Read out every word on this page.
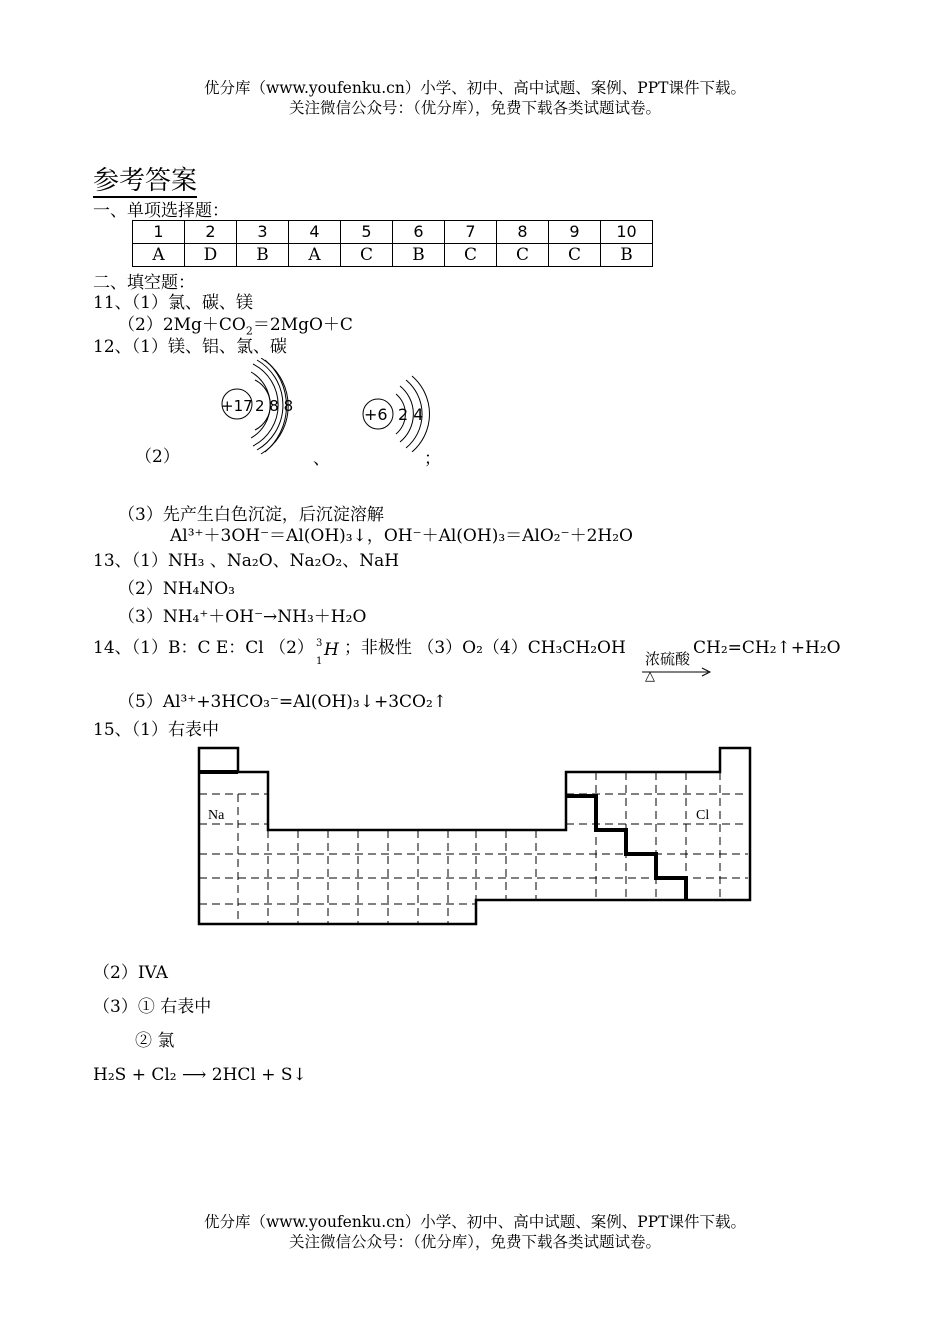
优分库（www.youfenku.cn）小学、初中、高中试题、案例、PPT课件下载。
关注微信公众号：（优分库），免费下载各类试题试卷。
参考答案
一、单项选择题：
1	2	3	4	5	6	7	8	9	10
A	D	B	A	C	B	C	C	C	B
二、填空题：
11、（1）氯、碳、镁
$(2)2Mg+CO_2=2MgO+C$
12、（1）镁、铝、氯、碳
+17 2 8 8	+6 2 4
（2）	、	；
（3）先产生白色沉淀，后沉淀溶解
Al³⁺＋3OH⁻＝Al(OH)₃↓，OH⁻＋Al(OH)₃＝AlO₂⁻＋2H₂O
13、（1）NH₃ 、Na₂O、Na₂O₂、NaH
（2）NH₄NO₃
（3）NH₄⁺＋OH⁻→NH₃＋H₂O
14、（1）B：C E：Cl （2） 3
1
H ；非极性 （3）O₂（4）CH₃CH₂OH
浓硫酸
△
CH₂=CH₂↑+H₂O
（5）Al³⁺+3HCO₃⁻=Al(OH)₃↓+3CO₂↑
15、（1）右表中
Na	Cl
（2）IVA
（3）① 右表中
② 氯
H₂S + Cl₂ ⟶ 2HCl + S↓
优分库（www.youfenku.cn）小学、初中、高中试题、案例、PPT课件下载。
关注微信公众号：（优分库），免费下载各类试题试卷。
